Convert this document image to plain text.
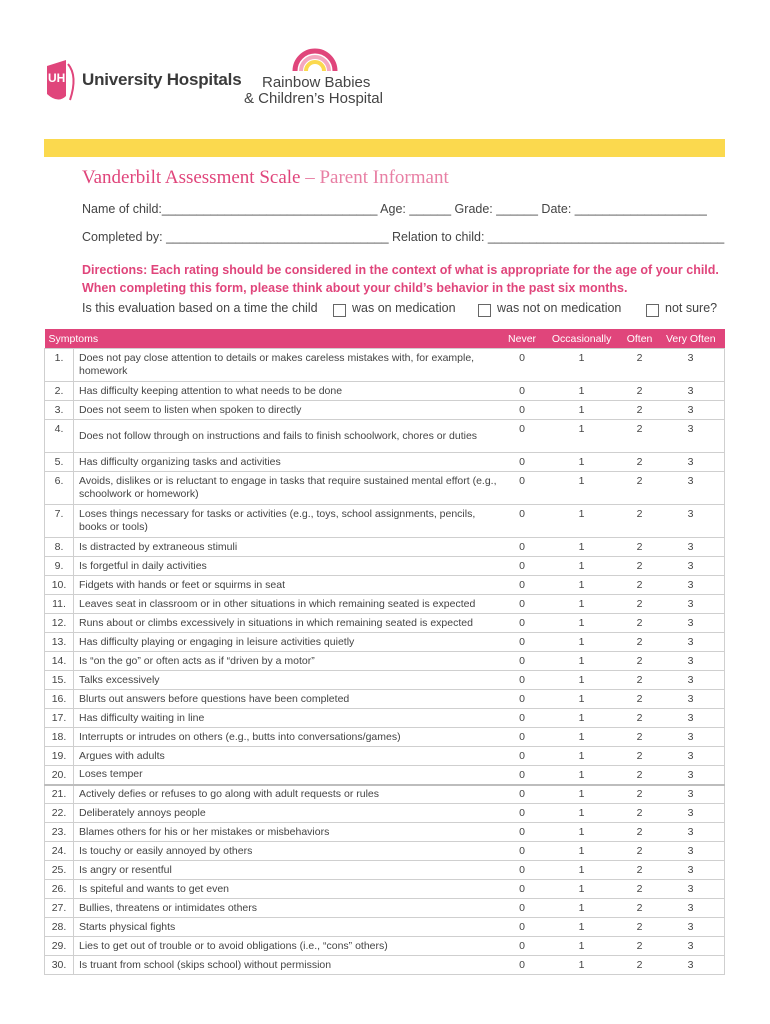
UH University Hospitals Rainbow Babies
& Children’s Hospital
Vanderbilt Assessment Scale – Parent Informant
Name of child:_______________________________ Age: ______ Grade: ______ Date: ___________________
Completed by: ________________________________ Relation to child: __________________________________
Directions: Each rating should be considered in the context of what is appropriate for the age of your child. When completing this form, please think about your child’s behavior in the past six months.
Is this evaluation based on a time the child	was on medication	was not on medication	not sure?
Symptoms		Never	Occasionally	Often	Very Often
1.	Does not pay close attention to details or makes careless mistakes with, for example, homework	0	1	2	3
2.	Has difficulty keeping attention to what needs to be done	0	1	2	3
3.	Does not seem to listen when spoken to directly	0	1	2	3
4.	Does not follow through on instructions and fails to finish schoolwork, chores or duties	0	1	2	3
5.	Has difficulty organizing tasks and activities	0	1	2	3
6.	Avoids, dislikes or is reluctant to engage in tasks that require sustained mental effort (e.g., schoolwork or homework)	0	1	2	3
7.	Loses things necessary for tasks or activities (e.g., toys, school assignments, pencils, books or tools)	0	1	2	3
8.	Is distracted by extraneous stimuli	0	1	2	3
9.	Is forgetful in daily activities	0	1	2	3
10.	Fidgets with hands or feet or squirms in seat	0	1	2	3
11.	Leaves seat in classroom or in other situations in which remaining seated is expected	0	1	2	3
12.	Runs about or climbs excessively in situations in which remaining seated is expected	0	1	2	3
13.	Has difficulty playing or engaging in leisure activities quietly	0	1	2	3
14.	Is “on the go” or often acts as if “driven by a motor”	0	1	2	3
15.	Talks excessively	0	1	2	3
16.	Blurts out answers before questions have been completed	0	1	2	3
17.	Has difficulty waiting in line	0	1	2	3
18.	Interrupts or intrudes on others (e.g., butts into conversations/games)	0	1	2	3
19.	Argues with adults	0	1	2	3
20.	Loses temper	0	1	2	3
21.	Actively defies or refuses to go along with adult requests or rules	0	1	2	3
22.	Deliberately annoys people	0	1	2	3
23.	Blames others for his or her mistakes or misbehaviors	0	1	2	3
24.	Is touchy or easily annoyed by others	0	1	2	3
25.	Is angry or resentful	0	1	2	3
26.	Is spiteful and wants to get even	0	1	2	3
27.	Bullies, threatens or intimidates others	0	1	2	3
28.	Starts physical fights	0	1	2	3
29.	Lies to get out of trouble or to avoid obligations (i.e., “cons” others)	0	1	2	3
30.	Is truant from school (skips school) without permission	0	1	2	3
